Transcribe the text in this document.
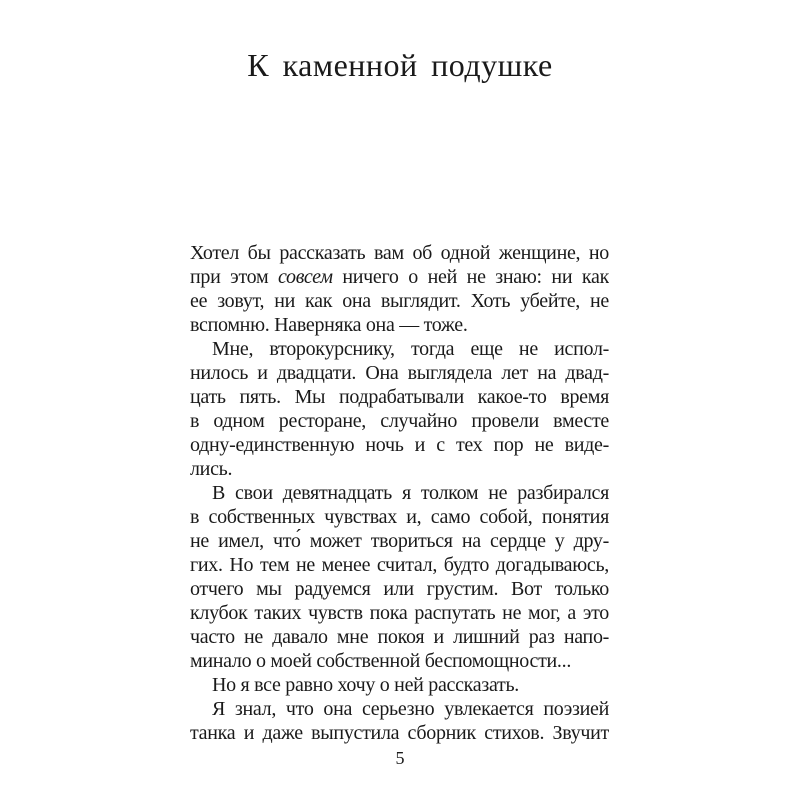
К каменной подушке
Хотел бы рассказать вам об одной женщине, но
при этом совсем ничего о ней не знаю: ни как
ее зовут, ни как она выглядит. Хоть убейте, не
вспомню. Наверняка она — тоже.
Мне, второкурснику, тогда еще не испол-
нилось и двадцати. Она выглядела лет на двад-
цать пять. Мы подрабатывали какое-то время
в одном ресторане, случайно провели вместе
одну-единственную ночь и с тех пор не виде-
лись.
В свои девятнадцать я толком не разбирался
в собственных чувствах и, само собой, понятия
не имел, что́ может твориться на сердце у дру-
гих. Но тем не менее считал, будто догадываюсь,
отчего мы радуемся или грустим. Вот только
клубок таких чувств пока распутать не мог, а это
часто не давало мне покоя и лишний раз напо-
минало о моей собственной беспомощности...
Но я все равно хочу о ней рассказать.
Я знал, что она серьезно увлекается поэзией
танка и даже выпустила сборник стихов. Звучит
5
